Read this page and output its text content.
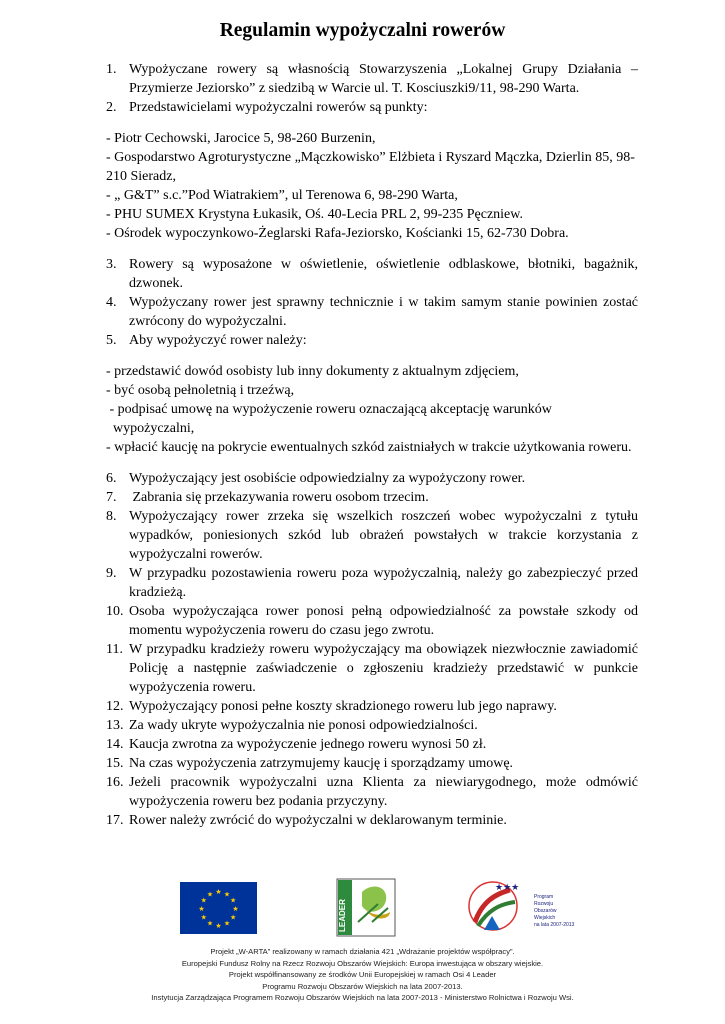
Regulamin wypożyczalni rowerów
1. Wypożyczane rowery są własnością Stowarzyszenia „Lokalnej Grupy Działania – Przymierze Jeziorsko” z siedzibą w Warcie ul. T. Kosciuszki9/11, 98-290 Warta.
2. Przedstawicielami wypożyczalni rowerów są punkty:

- Piotr Cechowski, Jarocice 5, 98-260 Burzenin,

- Gospodarstwo Agroturystyczne „Mączkowisko” Elżbieta i Ryszard Mączka, Dzierlin 85, 98-210 Sieradz,

- „ G&T” s.c.”Pod Wiatrakiem”, ul Terenowa 6, 98-290 Warta,

- PHU SUMEX Krystyna Łukasik, Oś. 40-Lecia PRL 2, 99-235 Pęczniew.

- Ośrodek wypoczynkowo-Żeglarski Rafa-Jeziorsko, Kościanki 15, 62-730 Dobra.

3. Rowery są wyposażone w oświetlenie, oświetlenie odblaskowe, błotniki, bagażnik, dzwonek.
4. Wypożyczany rower jest sprawny technicznie i w takim samym stanie powinien zostać zwrócony do wypożyczalni.
5. Aby wypożyczyć rower należy:

- przedstawić dowód osobisty lub inny dokumenty z aktualnym zdjęciem,

- być osobą pełnoletnią i trzeźwą,

- podpisać umowę na wypożyczenie roweru oznaczającą akceptację warunków

wypożyczalni,

- wpłacić kaucję na pokrycie ewentualnych szkód zaistniałych w trakcie użytkowania roweru.

6. Wypożyczający jest osobiście odpowiedzialny za wypożyczony rower.
7. Zabrania się przekazywania roweru osobom trzecim.
8. Wypożyczający rower zrzeka się wszelkich roszczeń wobec wypożyczalni z tytułu wypadków, poniesionych szkód lub obrażeń powstałych w trakcie korzystania z wypożyczalni rowerów.
9. W przypadku pozostawienia roweru poza wypożyczalnią, należy go zabezpieczyć przed kradzieżą.
10. Osoba wypożyczająca rower ponosi pełną odpowiedzialność za powstałe szkody od momentu wypożyczenia roweru do czasu jego zwrotu.
11. W przypadku kradzieży roweru wypożyczający ma obowiązek niezwłocznie zawiadomić Policję a następnie zaświadczenie o zgłoszeniu kradzieży przedstawić w punkcie wypożyczenia roweru.
12. Wypożyczający ponosi pełne koszty skradzionego roweru lub jego naprawy.
13. Za wady ukryte wypożyczalnia nie ponosi odpowiedzialności.
14. Kaucja zwrotna za wypożyczenie jednego roweru wynosi 50 zł.
15. Na czas wypożyczenia zatrzymujemy kaucję i sporządzamy umowę.
16. Jeżeli pracownik wypożyczalni uzna Klienta za niewiarygodnego, może odmówić wypożyczenia roweru bez podania przyczyny.
17. Rower należy zwrócić do wypożyczalni w deklarowanym terminie.
★
★
★
★
★
★
★
★
★ ★ ★
★	LEADER
★★★
Program
Rozwoju
Obszarów
Wiejskich
na lata 2007-2013
Projekt „W-ARTA” realizowany w ramach działania 421 „Wdrażanie projektów współpracy”.
Europejski Fundusz Rolny na Rzecz Rozwoju Obszarów Wiejskich: Europa inwestująca w obszary wiejskie.
Projekt współfinansowany ze środków Unii Europejskiej w ramach Osi 4 Leader
Programu Rozwoju Obszarów Wiejskich na lata 2007-2013.
Instytucja Zarządzająca Programem Rozwoju Obszarów Wiejskich na lata 2007-2013 - Ministerstwo Rolnictwa i Rozwoju Wsi.
